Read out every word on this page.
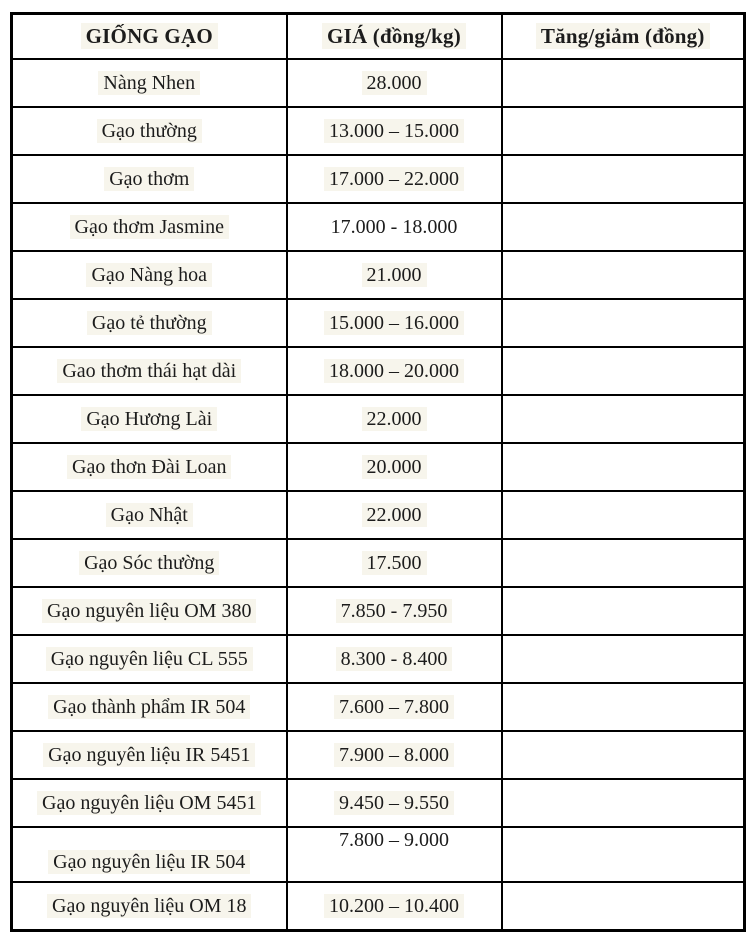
GIỐNG GẠO	GIÁ (đồng/kg)	Tăng/giảm (đồng)
Nàng Nhen	28.000	
Gạo thường	13.000 – 15.000	
Gạo thơm	17.000 – 22.000	
Gạo thơm Jasmine	17.000 - 18.000	
Gạo Nàng hoa	21.000	
Gạo tẻ thường	15.000 – 16.000	
Gao thơm thái hạt dài	18.000 – 20.000	
Gạo Hương Lài	22.000	
Gạo thơn Đài Loan	20.000	
Gạo Nhật	22.000	
Gạo Sóc thường	17.500	
Gạo nguyên liệu OM 380	7.850 - 7.950	
Gạo nguyên liệu CL 555	8.300 - 8.400	
Gạo thành phẩm IR 504	7.600 – 7.800	
Gạo nguyên liệu IR 5451	7.900 – 8.000	
Gạo nguyên liệu OM 5451	9.450 – 9.550	
Gạo nguyên liệu IR 504	7.800 – 9.000	
Gạo nguyên liệu OM 18	10.200 – 10.400	
